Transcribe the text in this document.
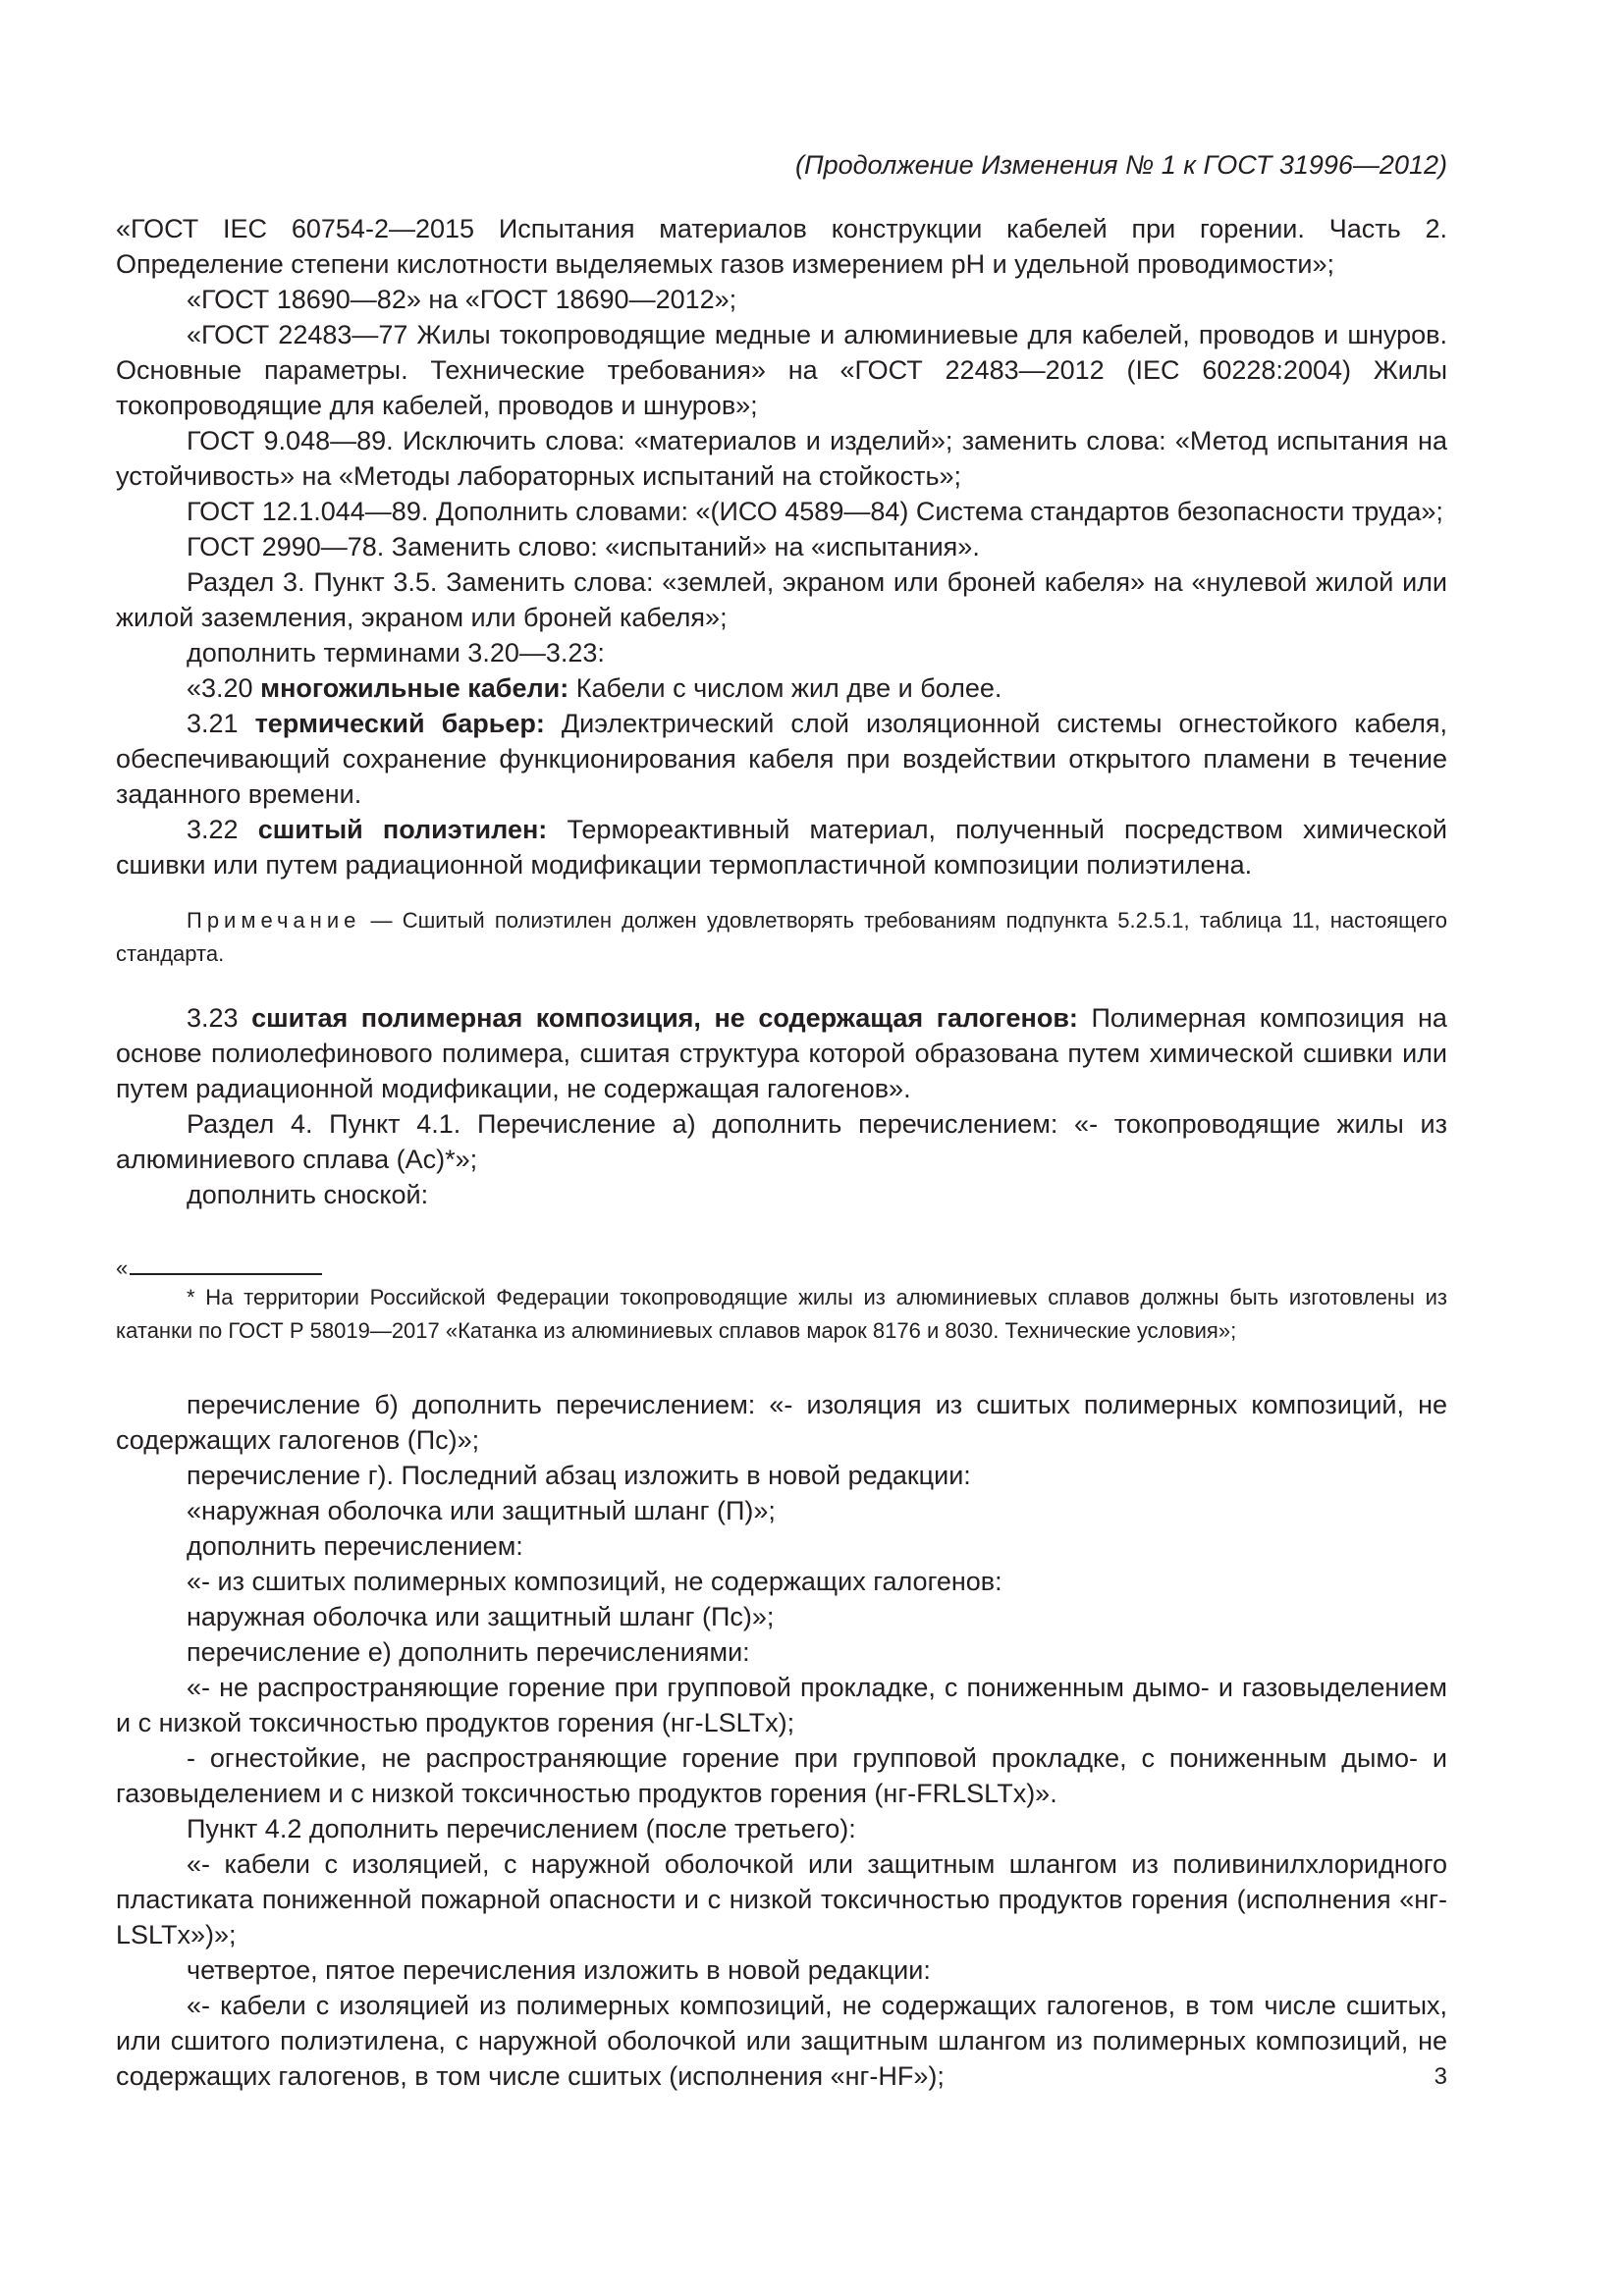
(Продолжение Изменения № 1 к ГОСТ 31996—2012)

«ГОСТ IEC 60754-2—2015 Испытания материалов конструкции кабелей при горении. Часть 2. Определение степени кислотности выделяемых газов измерением pH и удельной проводимости»;

«ГОСТ 18690—82» на «ГОСТ 18690—2012»;

«ГОСТ 22483—77 Жилы токопроводящие медные и алюминиевые для кабелей, проводов и шнуров. Основные параметры. Технические требования» на «ГОСТ 22483—2012 (IEC 60228:2004) Жилы токопроводящие для кабелей, проводов и шнуров»;

ГОСТ 9.048—89. Исключить слова: «материалов и изделий»; заменить слова: «Метод испытания на устойчивость» на «Методы лабораторных испытаний на стойкость»;

ГОСТ 12.1.044—89. Дополнить словами: «(ИСО 4589—84) Система стандартов безопасности труда»;

ГОСТ 2990—78. Заменить слово: «испытаний» на «испытания».

Раздел 3. Пункт 3.5. Заменить слова: «землей, экраном или броней кабеля» на «нулевой жилой или жилой заземления, экраном или броней кабеля»;

дополнить терминами 3.20—3.23:

«3.20 многожильные кабели: Кабели с числом жил две и более.

3.21 термический барьер: Диэлектрический слой изоляционной системы огнестойкого кабеля, обеспечивающий сохранение функционирования кабеля при воздействии открытого пламени в течение заданного времени.

3.22 сшитый полиэтилен: Термореактивный материал, полученный посредством химической сшивки или путем радиационной модификации термопластичной композиции полиэтилена.

Примечание — Сшитый полиэтилен должен удовлетворять требованиям подпункта 5.2.5.1, таблица 11, настоящего стандарта.

3.23 сшитая полимерная композиция, не содержащая галогенов: Полимерная композиция на основе полиолефинового полимера, сшитая структура которой образована путем химической сшивки или путем радиационной модификации, не содержащая галогенов».

Раздел 4. Пункт 4.1. Перечисление а) дополнить перечислением: «- токопроводящие жилы из алюминиевого сплава (Ас)*»;

дополнить сноской:

«

* На территории Российской Федерации токопроводящие жилы из алюминиевых сплавов должны быть изготовлены из катанки по ГОСТ Р 58019—2017 «Катанка из алюминиевых сплавов марок 8176 и 8030. Технические условия»;

перечисление б) дополнить перечислением: «- изоляция из сшитых полимерных композиций, не содержащих галогенов (Пс)»;

перечисление г). Последний абзац изложить в новой редакции:

«наружная оболочка или защитный шланг (П)»;

дополнить перечислением:

«- из сшитых полимерных композиций, не содержащих галогенов:

наружная оболочка или защитный шланг (Пс)»;

перечисление е) дополнить перечислениями:

«- не распространяющие горение при групповой прокладке, с пониженным дымо- и газовыделением и с низкой токсичностью продуктов горения (нг-LSLTx);

- огнестойкие, не распространяющие горение при групповой прокладке, с пониженным дымо- и газовыделением и с низкой токсичностью продуктов горения (нг-FRLSLTx)».

Пункт 4.2 дополнить перечислением (после третьего):

«- кабели с изоляцией, с наружной оболочкой или защитным шлангом из поливинилхлоридного пластиката пониженной пожарной опасности и с низкой токсичностью продуктов горения (исполнения «нг-LSLTx»)»;

четвертое, пятое перечисления изложить в новой редакции:

«- кабели с изоляцией из полимерных композиций, не содержащих галогенов, в том числе сшитых, или сшитого полиэтилена, с наружной оболочкой или защитным шлангом из полимерных композиций, не содержащих галогенов, в том числе сшитых (исполнения «нг-HF»);	3
